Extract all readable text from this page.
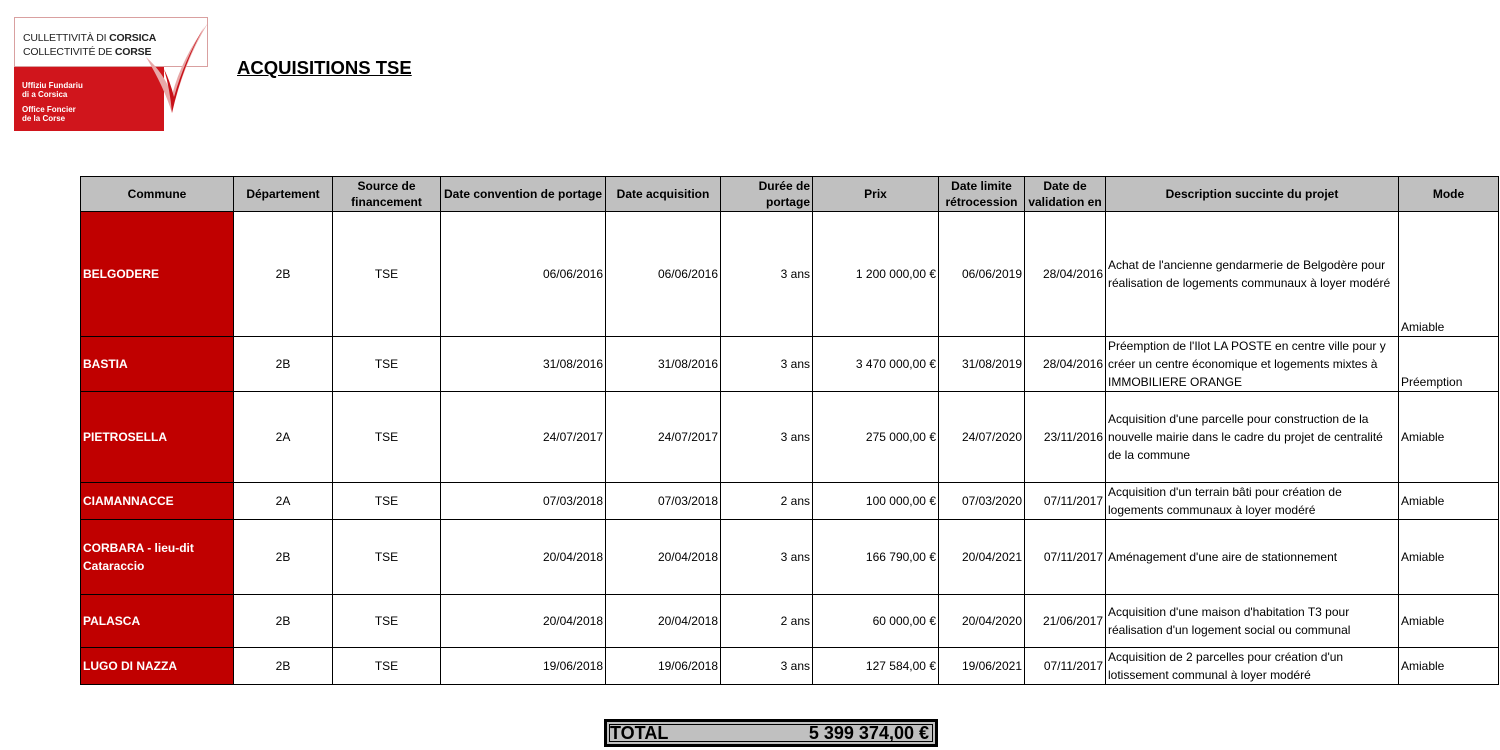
CULLETTIVITÀ DI CORSICA
COLLECTIVITÉ DE CORSE
Uffiziu Fundariu
di a Corsica
Office Foncier
de la Corse
ACQUISITIONS TSE
Commune	Département	Source de financement	Date convention de portage	Date acquisition	Durée de portage	Prix	Date limite rétrocession	Date de validation en	Description succinte du projet	Mode
BELGODERE	2B	TSE	06/06/2016	06/06/2016	3 ans	1 200 000,00 €	06/06/2019	28/04/2016	Achat de l'ancienne gendarmerie de Belgodère pour réalisation de logements communaux à loyer modéré	Amiable
BASTIA	2B	TSE	31/08/2016	31/08/2016	3 ans	3 470 000,00 €	31/08/2019	28/04/2016	Préemption de l'Ilot LA POSTE en centre ville pour y créer un centre économique et logements mixtes à IMMOBILIERE ORANGE	Préemption
PIETROSELLA	2A	TSE	24/07/2017	24/07/2017	3 ans	275 000,00 €	24/07/2020	23/11/2016	Acquisition d'une parcelle pour construction de la nouvelle mairie dans le cadre du projet de centralité de la commune	Amiable
CIAMANNACCE	2A	TSE	07/03/2018	07/03/2018	2 ans	100 000,00 €	07/03/2020	07/11/2017	Acquisition d'un terrain bâti pour création de logements communaux à loyer modéré	Amiable
CORBARA - lieu-dit Cataraccio	2B	TSE	20/04/2018	20/04/2018	3 ans	166 790,00 €	20/04/2021	07/11/2017	Aménagement d'une aire de stationnement	Amiable
PALASCA	2B	TSE	20/04/2018	20/04/2018	2 ans	60 000,00 €	20/04/2020	21/06/2017	Acquisition d'une maison d'habitation T3 pour réalisation d'un logement social ou communal	Amiable
LUGO DI NAZZA	2B	TSE	19/06/2018	19/06/2018	3 ans	127 584,00 €	19/06/2021	07/11/2017	Acquisition de 2 parcelles pour création d'un lotissement communal à loyer modéré	Amiable
TOTAL	5 399 374,00 €
